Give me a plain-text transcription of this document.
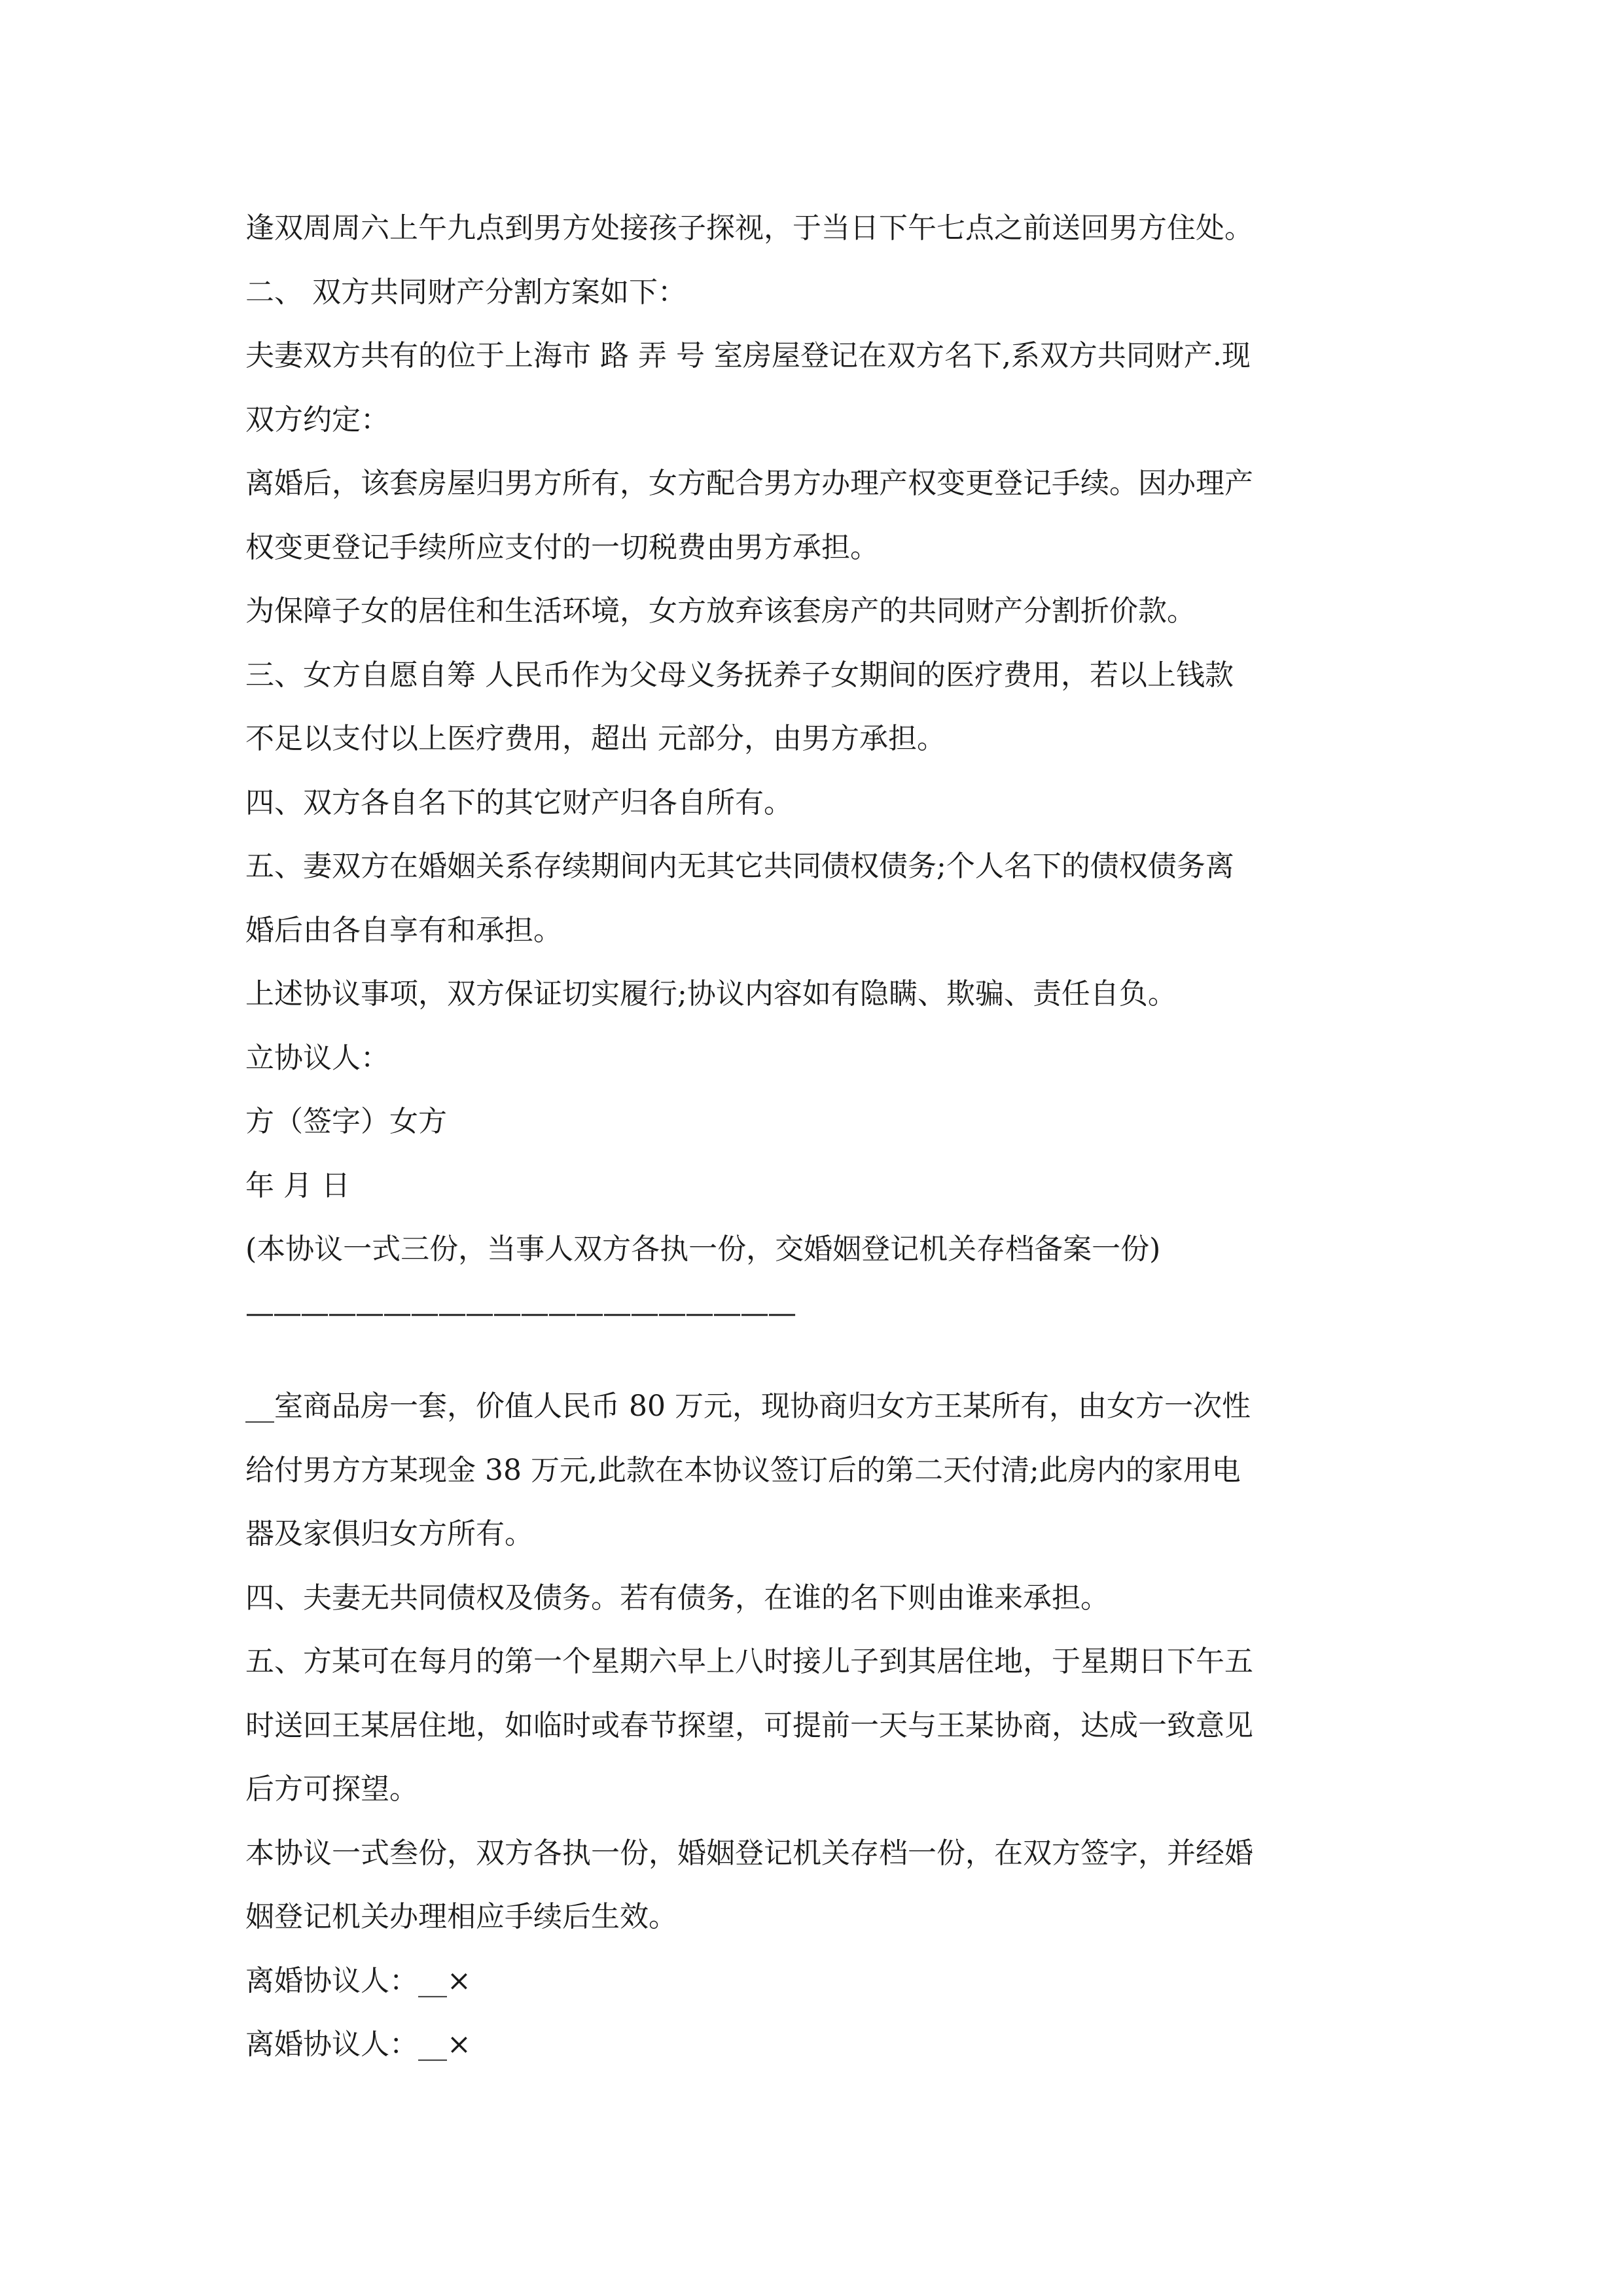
逢双周周六上午九点到男方处接孩子探视，于当日下午七点之前送回男方住处。
二、 双方共同财产分割方案如下：
夫妻双方共有的位于上海市 路 弄 号 室房屋登记在双方名下,系双方共同财产.现
双方约定：
离婚后，该套房屋归男方所有，女方配合男方办理产权变更登记手续。因办理产
权变更登记手续所应支付的一切税费由男方承担。
为保障子女的居住和生活环境，女方放弃该套房产的共同财产分割折价款。
三、女方自愿自筹 人民币作为父母义务抚养子女期间的医疗费用，若以上钱款
不足以支付以上医疗费用，超出 元部分，由男方承担。
四、双方各自名下的其它财产归各自所有。
五、妻双方在婚姻关系存续期间内无其它共同债权债务;个人名下的债权债务离
婚后由各自享有和承担。
上述协议事项，双方保证切实履行;协议内容如有隐瞒、欺骗、责任自负。
立协议人：
方（签字）女方
年 月 日
(本协议一式三份，当事人双方各执一份，交婚姻登记机关存档备案一份)
————————————————————
__室商品房一套，价值人民币 80 万元，现协商归女方王某所有，由女方一次性
给付男方方某现金 38 万元,此款在本协议签订后的第二天付清;此房内的家用电
器及家俱归女方所有。
四、夫妻无共同债权及债务。若有债务，在谁的名下则由谁来承担。
五、方某可在每月的第一个星期六早上八时接儿子到其居住地，于星期日下午五
时送回王某居住地，如临时或春节探望，可提前一天与王某协商，达成一致意见
后方可探望。
本协议一式叁份，双方各执一份，婚姻登记机关存档一份，在双方签字，并经婚
姻登记机关办理相应手续后生效。
离婚协议人：__×
离婚协议人：__×
